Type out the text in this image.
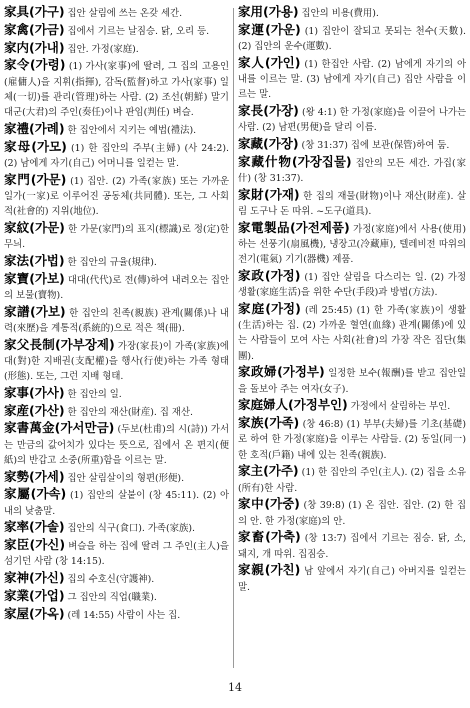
家具(가구) 집안 살림에 쓰는 온갖 세간.

家禽(가금) 집에서 기르는 날짐승. 닭, 오리 등.

家内(가내) 집안. 가정(家庭).

家令(가령) (1) 가사(家事)에 딸려, 그 집의 고용인(雇傭人)을 지휘(指揮), 감독(監督)하고 가사(家事) 일체(一切)를 관리(管理)하는 사람. (2) 조선(朝鮮) 말기 대군(大君)의 주인(奏任)이나 판임(判任) 벼슬.

家禮(가례) 한 집안에서 지키는 예법(禮法).

家母(가모) (1) 한 집안의 주부(主婦) (사 24:2). (2) 남에게 자기(自己) 어머니를 일컫는 말.

家門(가문) (1) 집안. (2) 가족(家族) 또는 가까운 일가(一家)로 이루어진 공동체(共同體). 또는, 그 사회적(社會的) 지위(地位).

家紋(가문) 한 가문(家門)의 표지(標識)로 정(定)한 무늬.

家法(가법) 한 집안의 규율(規律).

家寶(가보) 대대(代代)로 전(傳)하여 내려오는 집안의 보물(寶物).

家譜(가보) 한 집안의 친족(親族) 관계(關係)나 내력(來歷)을 계통적(系統的)으로 적은 책(冊).

家父長制(가부장제) 가장(家長)이 가족(家族)에 대(對)한 지배권(支配權)을 행사(行使)하는 가족 형태(形態). 또는, 그런 지배 형태.

家事(가사) 한 집안의 일.

家産(가산) 한 집안의 재산(財産). 집 재산.

家書萬金(가서만금) (두보(杜甫)의 시(詩)) 가서는 만금의 값어치가 있다는 뜻으로, 집에서 온 편지(便紙)의 반갑고 소중(所重)함을 이르는 말.

家勢(가세) 집안 살림살이의 형편(形便).

家屬(가속) (1) 집안의 살붙이 (창 45:11). (2) 아내의 낮춤말.

家率(가솔) 집안의 식구(食口). 가족(家族).

家臣(가신) 벼슬을 하는 집에 딸려 그 주인(主人)을 섬기던 사람 (창 14:15).

家神(가신) 집의 수호신(守護神).

家業(가업) 그 집안의 직업(職業).

家屋(가옥) (레 14:55) 사람이 사는 집.

家用(가용) 집안의 비용(費用).

家運(가운) (1) 집안이 잘되고 못되는 천수(天數). (2) 집안의 운수(運數).

家人(가인) (1) 한집안 사람. (2) 남에게 자기의 아내를 이르는 말. (3) 남에게 자기(自己) 집안 사람을 이르는 말.

家長(가장) (왕 4:1) 한 가정(家庭)을 이끌어 나가는 사람. (2) 남편(男便)을 달리 이름.

家藏(가장) (창 31:37) 집에 보관(保管)하여 둠.

家藏什物(가장집물) 집안의 모든 세간. 가집(家什) (창 31:37).

家財(가재) 한 집의 재물(財物)이나 재산(財産). 살림 도구나 돈 따위. ~도구(道具).

家電製品(가전제품) 가정(家庭)에서 사용(使用)하는 선풍기(扇風機), 냉장고(冷藏庫), 텔레비전 따위의 전기(電氣) 기기(器機) 제품.

家政(가정) (1) 집안 살림을 다스리는 일. (2) 가정생활(家庭生活)을 위한 수단(手段)과 방법(方法).

家庭(가정) (레 25:45) (1) 한 가족(家族)이 생활(生活)하는 집. (2) 가까운 혈연(血緣) 관계(關係)에 있는 사람들이 모여 사는 사회(社會)의 가장 작은 집단(集團).

家政婦(가정부) 일정한 보수(報酬)를 받고 집안일을 돌보아 주는 여자(女子).

家庭婦人(가정부인) 가정에서 살림하는 부인.

家族(가족) (창 46:8) (1) 부부(夫婦)를 기초(基礎)로 하여 한 가정(家庭)을 이루는 사람들. (2) 동일(同一)한 호적(戶籍) 내에 있는 친족(親族).

家主(가주) (1) 한 집안의 주인(主人). (2) 집을 소유(所有)한 사람.

家中(가중) (창 39:8) (1) 온 집안. 집안. (2) 한 집의 안. 한 가정(家庭)의 안.

家畜(가축) (창 13:7) 집에서 기르는 짐승. 닭, 소, 돼지, 개 따위. 집짐승.

家親(가친) 남 앞에서 자기(自己) 아버지를 일컫는 말.

14
